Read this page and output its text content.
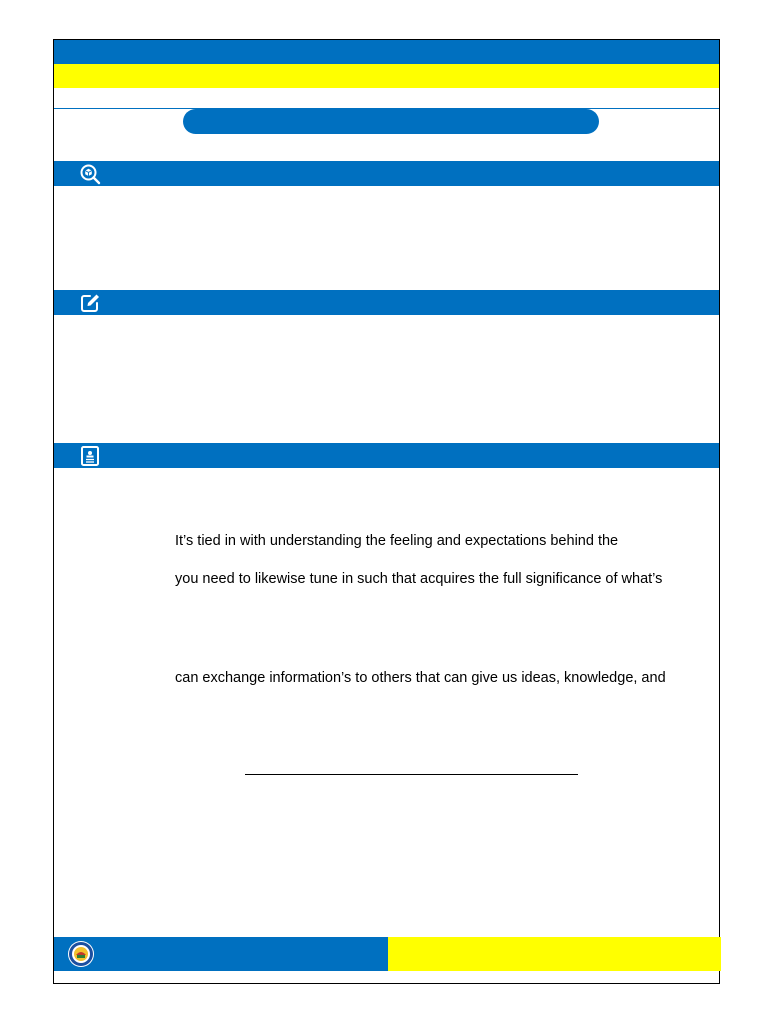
It’s tied in with understanding the feeling and expectations behind the
you need to likewise tune in such that acquires the full significance of what’s
can exchange information’s to others that can give us ideas, knowledge, and
